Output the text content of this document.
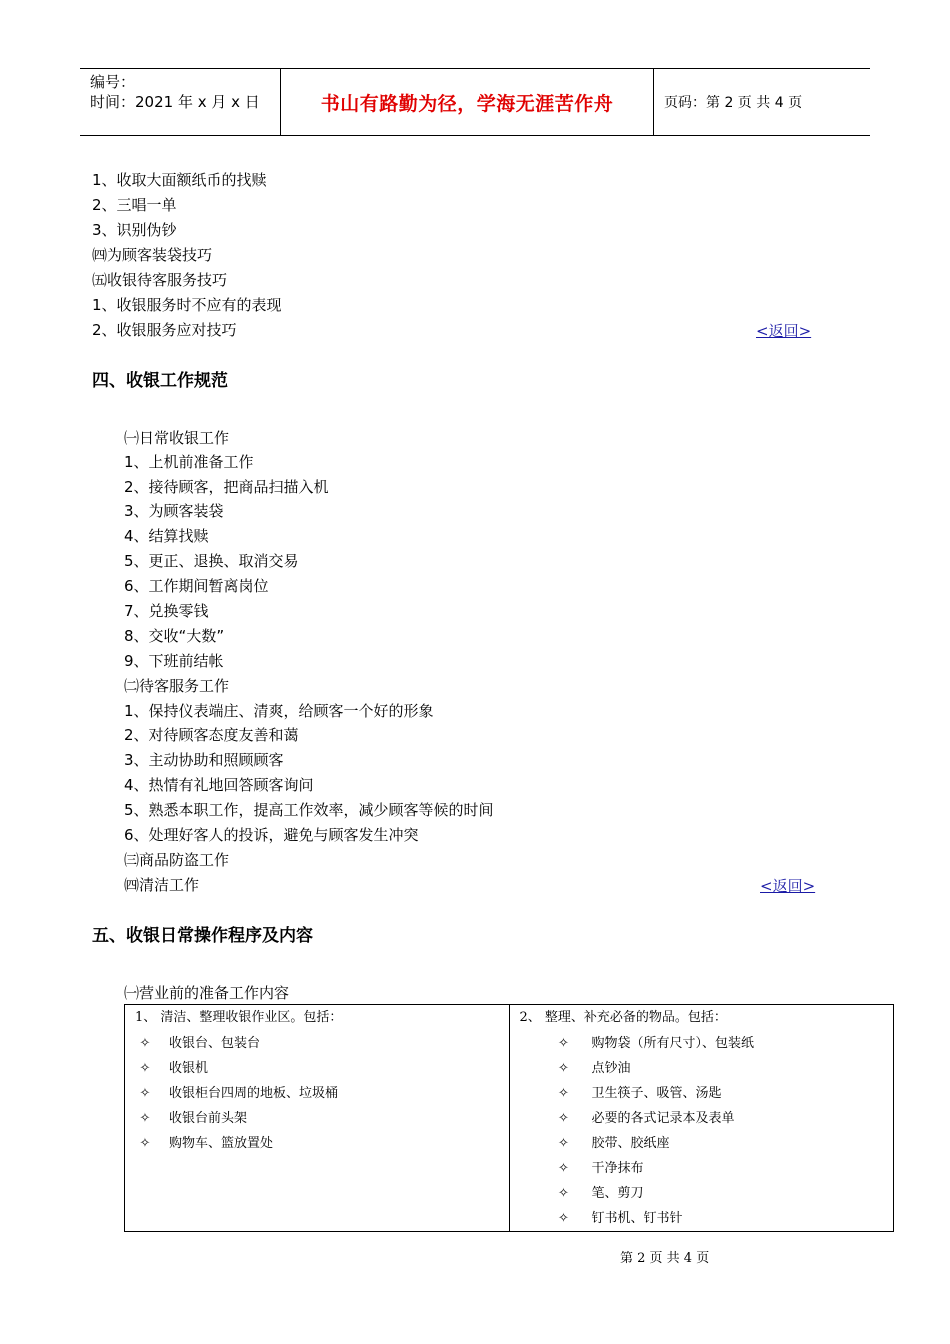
编号：
时间：2021 年 x 月 x 日	书山有路勤为径，学海无涯苦作舟	页码：第 2 页 共 4 页
1、收取大面额纸币的找赎
2、三唱一单
3、识别伪钞
㈣为顾客装袋技巧
㈤收银待客服务技巧
1、收银服务时不应有的表现
2、收银服务应对技巧	<返回>
四、收银工作规范
㈠日常收银工作
1、上机前准备工作
2、接待顾客，把商品扫描入机
3、为顾客装袋
4、结算找赎
5、更正、退换、取消交易
6、工作期间暂离岗位
7、兑换零钱
8、交收“大数”
9、下班前结帐
㈡待客服务工作
1、保持仪表端庄、清爽，给顾客一个好的形象
2、对待顾客态度友善和蔼
3、主动协助和照顾顾客
4、热情有礼地回答顾客询问
5、熟悉本职工作，提高工作效率，减少顾客等候的时间
6、处理好客人的投诉，避免与顾客发生冲突
㈢商品防盗工作
㈣清洁工作	<返回>
五、收银日常操作程序及内容
㈠营业前的准备工作内容
1、 清洁、整理收银作业区。包括：
✧	收银台、包装台
✧	收银机
✧	收银柜台四周的地板、垃圾桶
✧	收银台前头架
✧	购物车、篮放置处

2、 整理、补充必备的物品。包括：
✧	购物袋（所有尺寸）、包装纸
✧	点钞油
✧	卫生筷子、吸管、汤匙
✧	必要的各式记录本及表单
✧	胶带、胶纸座
✧	干净抹布
✧	笔、剪刀
✧	钉书机、钉书针
第 2 页 共 4 页
